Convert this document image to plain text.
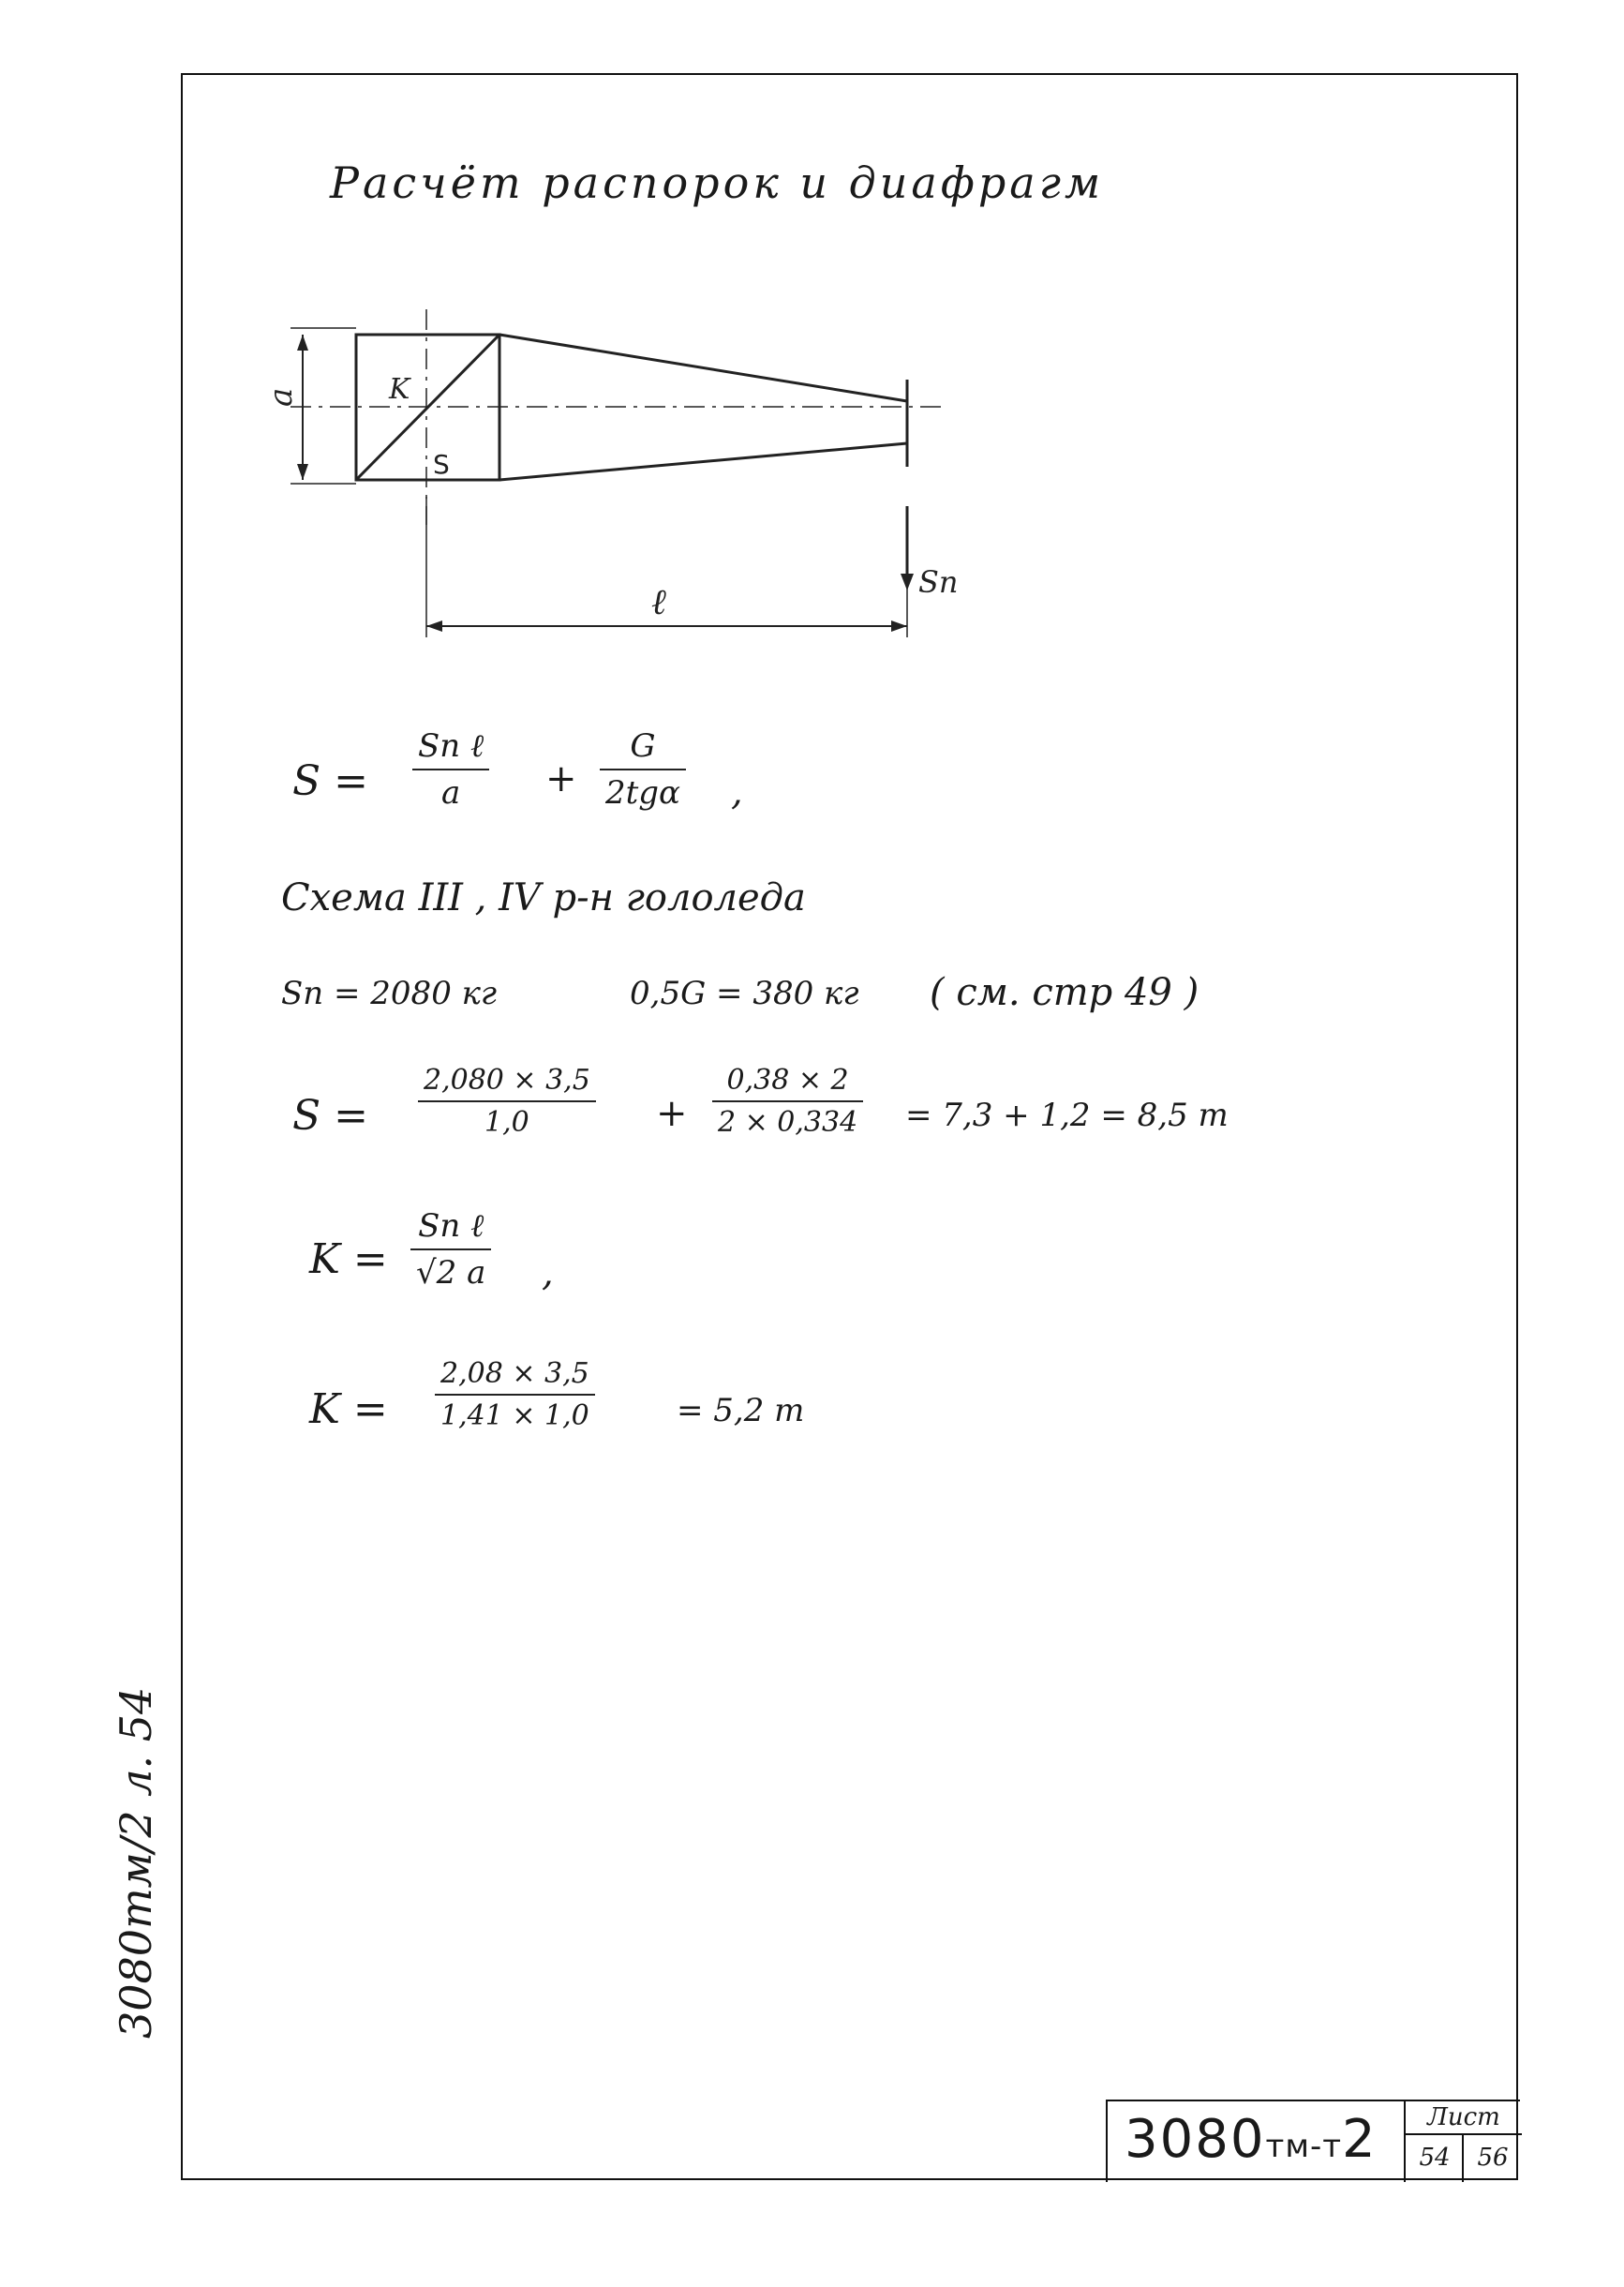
Расчёт распорок и диафрагм
a	K
S
ℓ	Sп
S =
Sп ℓ
a	+
G
2tgα ,
Схема III , IV р-н гололеда
Sп = 2080 кг	0,5G = 380 кг ( см. стр 49 )
$S = \frac{2,080 \times 3,5}{1,0} + \frac{0,38 \times 2}{2 \times 0,334} = 7,3 + 1,2 = 8,5$ т
K =
Sп ℓ
√2 a ,
$K = \frac{2,08 \times 3,5}{1,41 \times 1,0}$	= 5,2 т
3080тм/2 л. 54
3080тм-т2	Лист
54	56
